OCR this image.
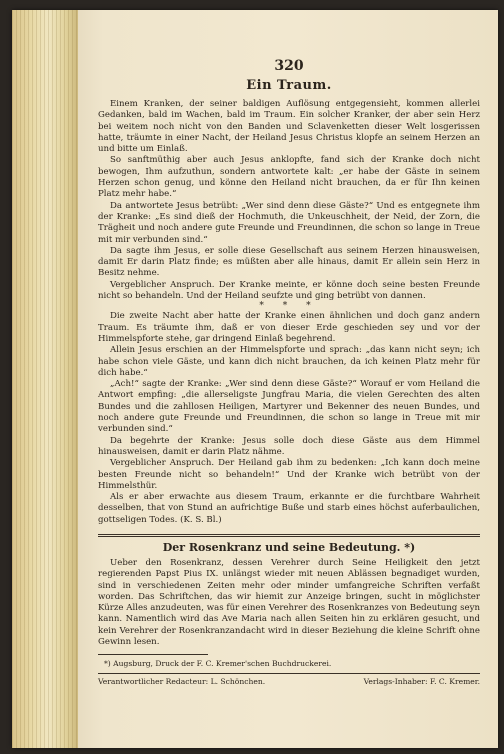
320
Ein Traum.

Einem Kranken, der seiner baldigen Auflösung entgegensieht, kommen allerlei Gedanken, bald im Wachen, bald im Traum. Ein solcher Kranker, der aber sein Herz bei weitem noch nicht von den Banden und Sclavenketten dieser Welt losgerissen hatte, träumte in einer Nacht, der Heiland Jesus Christus klopfe an seinem Herzen an und bitte um Einlaß.

So sanftmüthig aber auch Jesus anklopfte, fand sich der Kranke doch nicht bewogen, Ihm aufzuthun, sondern antwortete kalt: „er habe der Gäste in seinem Herzen schon genug, und könne den Heiland nicht brauchen, da er für Ihn keinen Platz mehr habe.“

Da antwortete Jesus betrübt: „Wer sind denn diese Gäste?“ Und es entgegnete ihm der Kranke: „Es sind dieß der Hochmuth, die Unkeuschheit, der Neid, der Zorn, die Trägheit und noch andere gute Freunde und Freundinnen, die schon so lange in Treue mit mir verbunden sind.“

Da sagte ihm Jesus, er solle diese Gesellschaft aus seinem Herzen hinausweisen, damit Er darin Platz finde; es müßten aber alle hinaus, damit Er allein sein Herz in Besitz nehme.

Vergeblicher Anspruch. Der Kranke meinte, er könne doch seine besten Freunde nicht so behandeln. Und der Heiland seufzte und ging betrübt von dannen.

* * *

Die zweite Nacht aber hatte der Kranke einen ähnlichen und doch ganz andern Traum. Es träumte ihm, daß er von dieser Erde geschieden sey und vor der Himmelspforte stehe, gar dringend Einlaß begehrend.

Allein Jesus erschien an der Himmelspforte und sprach: „das kann nicht seyn; ich habe schon viele Gäste, und kann dich nicht brauchen, da ich keinen Platz mehr für dich habe.“

„Ach!“ sagte der Kranke: „Wer sind denn diese Gäste?“ Worauf er vom Heiland die Antwort empfing: „die allerseligste Jungfrau Maria, die vielen Gerechten des alten Bundes und die zahllosen Heiligen, Martyrer und Bekenner des neuen Bundes, und noch andere gute Freunde und Freundinnen, die schon so lange in Treue mit mir verbunden sind.“

Da begehrte der Kranke: Jesus solle doch diese Gäste aus dem Himmel hinausweisen, damit er darin Platz nähme.

Vergeblicher Anspruch. Der Heiland gab ihm zu bedenken: „Ich kann doch meine besten Freunde nicht so behandeln!“ Und der Kranke wich betrübt von der Himmelsthür.

Als er aber erwachte aus diesem Traum, erkannte er die furchtbare Wahrheit desselben, that von Stund an aufrichtige Buße und starb eines höchst auferbaulichen, gottseligen Todes. (K. S. Bl.)

Der Rosenkranz und seine Bedeutung. *)

Ueber den Rosenkranz, dessen Verehrer durch Seine Heiligkeit den jetzt regierenden Papst Pius IX. unlängst wieder mit neuen Ablässen begnadiget wurden, sind in verschiedenen Zeiten mehr oder minder umfangreiche Schriften verfaßt worden. Das Schriftchen, das wir hiemit zur Anzeige bringen, sucht in möglichster Kürze Alles anzudeuten, was für einen Verehrer des Rosenkranzes von Bedeutung seyn kann. Namentlich wird das Ave Maria nach allen Seiten hin zu erklären gesucht, und kein Verehrer der Rosenkranzandacht wird in dieser Beziehung die kleine Schrift ohne Gewinn lesen.

*) Augsburg, Druck der F. C. Kremer'schen Buchdruckerei.
Verantwortlicher Redacteur: L. Schönchen.	Verlags-Inhaber: F. C. Kremer.
